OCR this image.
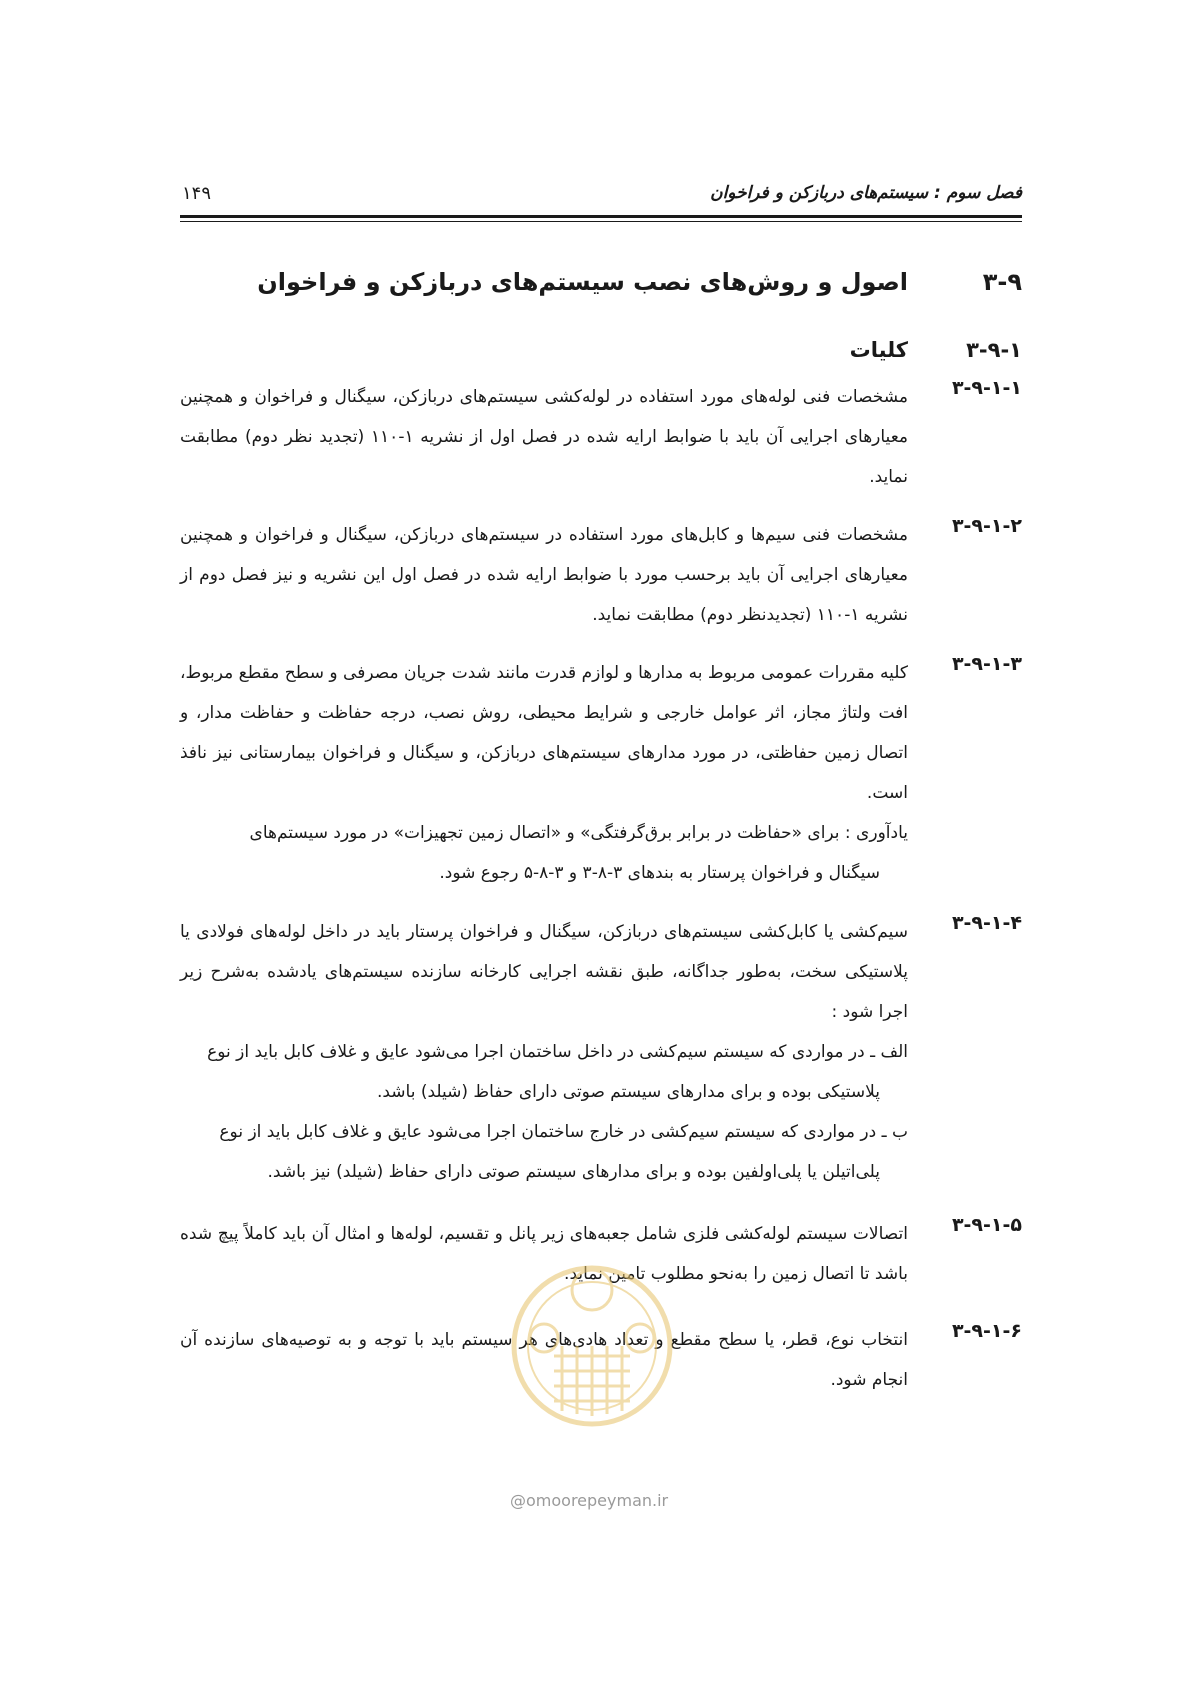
فصل سوم : سیستم‌های دربازکن و فراخوان
۱۴۹
۳-۹
اصول و روش‌های نصب سیستم‌های دربازکن و فراخوان
۳-۹-۱
کلیات
۳-۹-۱-۱
مشخصات فنی لوله‌های مورد استفاده در لوله‌کشی سیستم‌های دربازکن، سیگنال و فراخوان و همچنین معیارهای اجرایی آن باید با ضوابط ارایه شده در فصل اول از نشریه ۱-۱۱۰ (تجدید نظر دوم) مطابقت نماید.
۳-۹-۱-۲
مشخصات فنی سیم‌ها و کابل‌های مورد استفاده در سیستم‌های دربازکن، سیگنال و فراخوان و همچنین معیارهای اجرایی آن باید برحسب مورد با ضوابط ارایه شده در فصل اول این نشریه و نیز فصل دوم از نشریه ۱-۱۱۰ (تجدیدنظر دوم) مطابقت نماید.
۳-۹-۱-۳
کلیه مقررات عمومی مربوط به مدارها و لوازم قدرت مانند شدت جریان مصرفی و سطح مقطع مربوط، افت ولتاژ مجاز، اثر عوامل خارجی و شرایط محیطی، روش نصب، درجه حفاظت و حفاظت مدار، و اتصال زمین حفاظتی، در مورد مدارهای سیستم‌های دربازکن، و سیگنال و فراخوان بیمارستانی نیز نافذ است.
یادآوری : برای «حفاظت در برابر برق‌گرفتگی» و «اتصال زمین تجهیزات» در مورد سیستم‌های
سیگنال و فراخوان پرستار به بندهای ۳-۸-۳ و ۳-۸-۵ رجوع شود.
۳-۹-۱-۴
سیم‌کشی یا کابل‌کشی سیستم‌های دربازکن، سیگنال و فراخوان پرستار باید در داخل لوله‌های فولادی یا پلاستیکی سخت، به‌طور جداگانه، طبق نقشه اجرایی کارخانه سازنده سیستم‌های یادشده به‌شرح زیر اجرا شود :
الف ـ در مواردی که سیستم سیم‌کشی در داخل ساختمان اجرا می‌شود عایق و غلاف کابل باید از نوع
پلاستیکی بوده و برای مدارهای سیستم صوتی دارای حفاظ (شیلد) باشد.
ب ـ در مواردی که سیستم سیم‌کشی در خارج ساختمان اجرا می‌شود عایق و غلاف کابل باید از نوع
پلی‌اتیلن یا پلی‌اولفین بوده و برای مدارهای سیستم صوتی دارای حفاظ (شیلد) نیز باشد.
۳-۹-۱-۵
اتصالات سیستم لوله‌کشی فلزی شامل جعبه‌های زیر پانل و تقسیم، لوله‌ها و امثال آن باید کاملاً پیچ شده باشد تا اتصال زمین را به‌نحو مطلوب تامین نماید.
۳-۹-۱-۶
انتخاب نوع، قطر، یا سطح مقطع و تعداد هادی‌های هر سیستم باید با توجه و به توصیه‌های سازنده آن انجام شود.
@omoorepeyman.ir
